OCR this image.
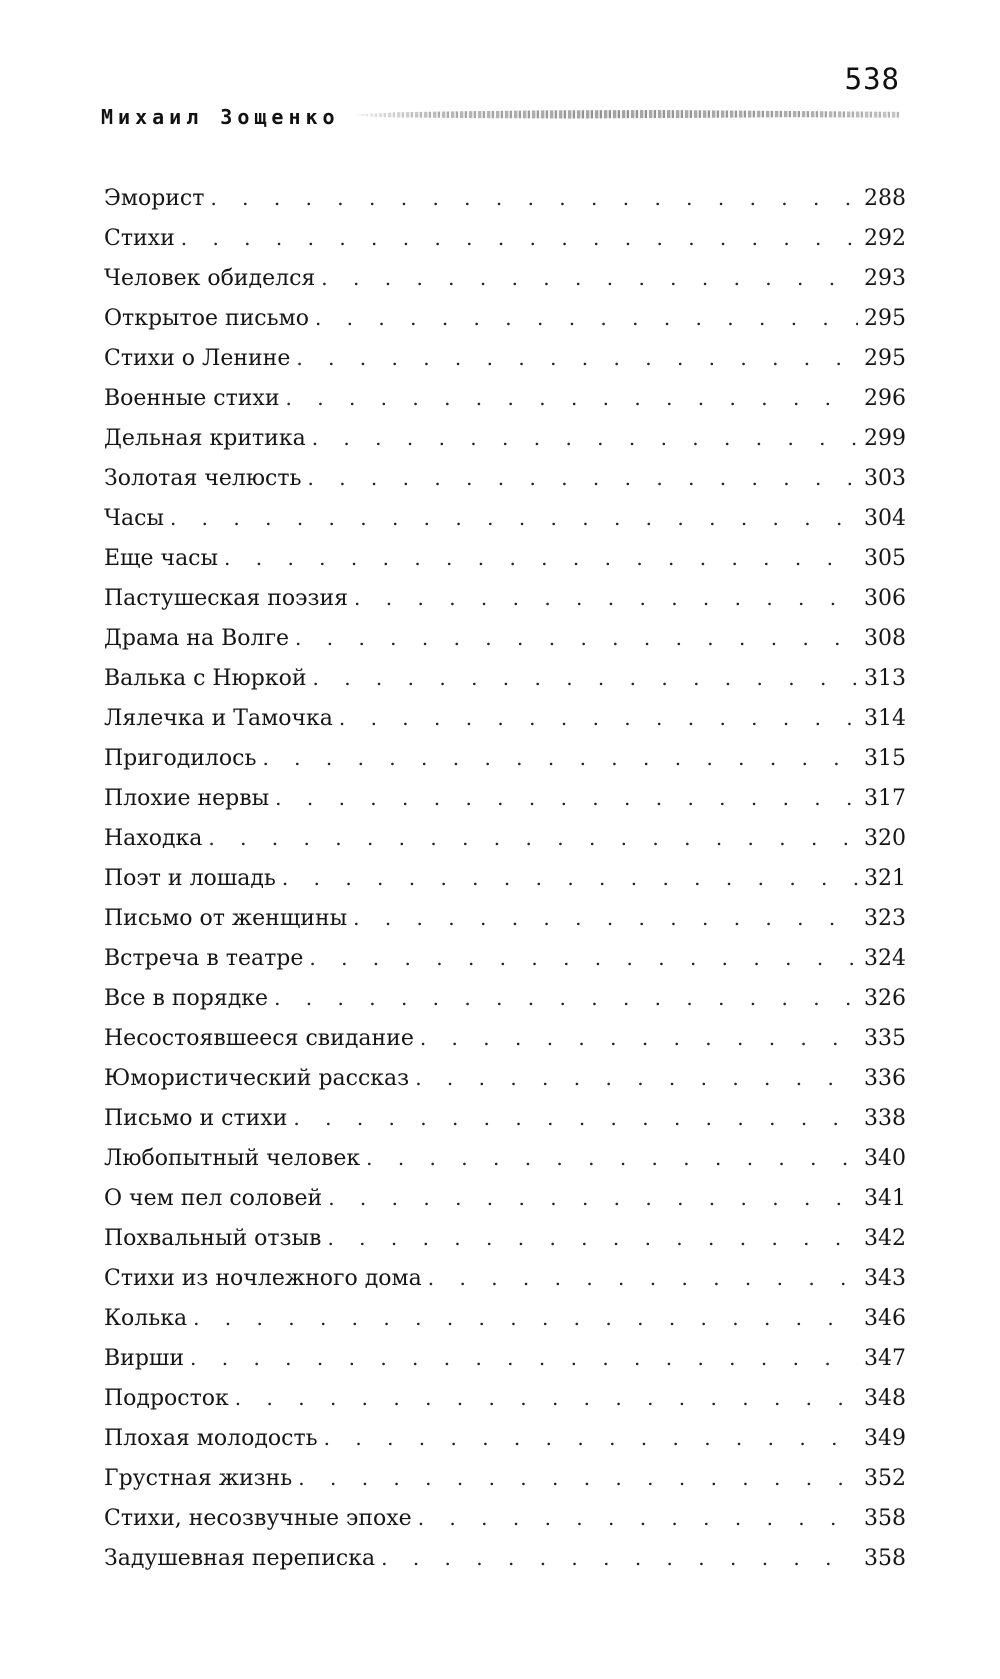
538
Михаил Зощенко
Эморист . . .	288
Стихи . . .	292
Человек обиделся . . .	293
Открытое письмо . . .	295
Стихи о Ленине . . .	295
Военные стихи . . .	296
Дельная критика . . .	299
Золотая челюсть . . .	303
Часы . . .	304
Еще часы . . .	305
Пастушеская поэзия . . .	306
Драма на Волге . . .	308
Валька с Нюркой . . .	313
Лялечка и Тамочка . . .	314
Пригодилось . . .	315
Плохие нервы . . .	317
Находка . . .	320
Поэт и лошадь . . .	321
Письмо от женщины . . .	323
Встреча в театре . . .	324
Все в порядке . . .	326
Несостоявшееся свидание . . .	335
Юмористический рассказ . . .	336
Письмо и стихи . . .	338
Любопытный человек . . .	340
О чем пел соловей . . .	341
Похвальный отзыв . . .	342
Стихи из ночлежного дома . . .	343
Колька . . .	346
Вирши . . .	347
Подросток . . .	348
Плохая молодость . . .	349
Грустная жизнь . . .	352
Стихи, несозвучные эпохе . . .	358
Задушевная переписка . . .	358
